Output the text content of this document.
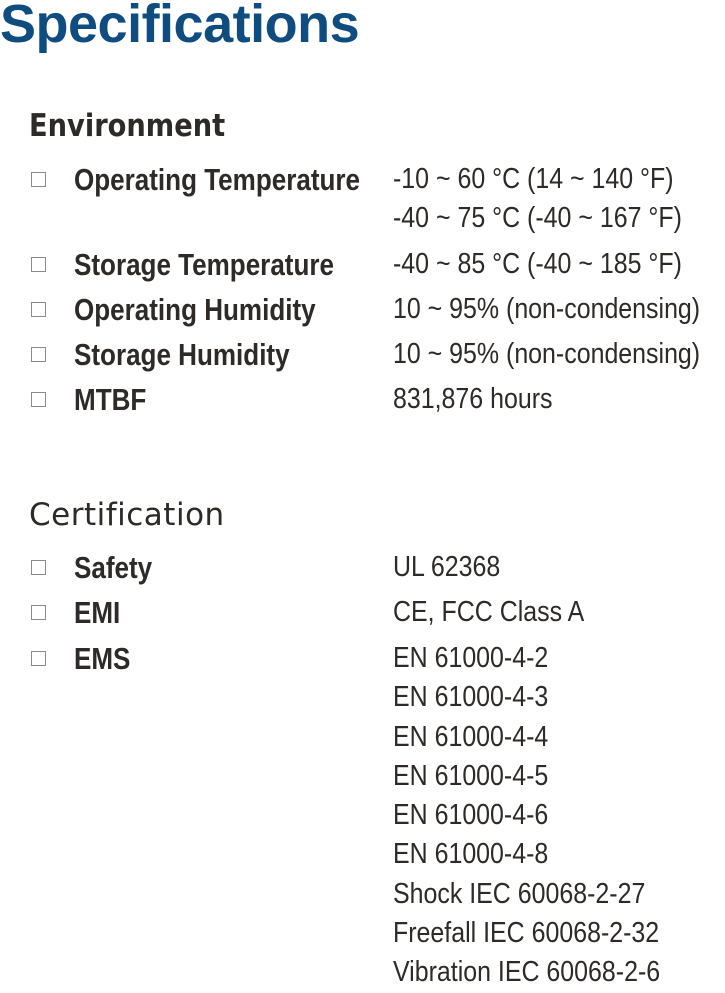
Specifications
Environment
Operating Temperature -10 ~ 60 °C (14 ~ 140 °F)
-40 ~ 75 °C (-40 ~ 167 °F)
Storage Temperature -40 ~ 85 °C (-40 ~ 185 °F)
Operating Humidity	10 ~ 95% (non-condensing)
Storage Humidity	10 ~ 95% (non-condensing)
MTBF	831,876 hours
Certification
Safety	UL 62368
EMI	CE, FCC Class A
EMS	EN 61000-4-2
EN 61000-4-3
EN 61000-4-4
EN 61000-4-5
EN 61000-4-6
EN 61000-4-8
Shock IEC 60068-2-27
Freefall IEC 60068-2-32
Vibration IEC 60068-2-6
